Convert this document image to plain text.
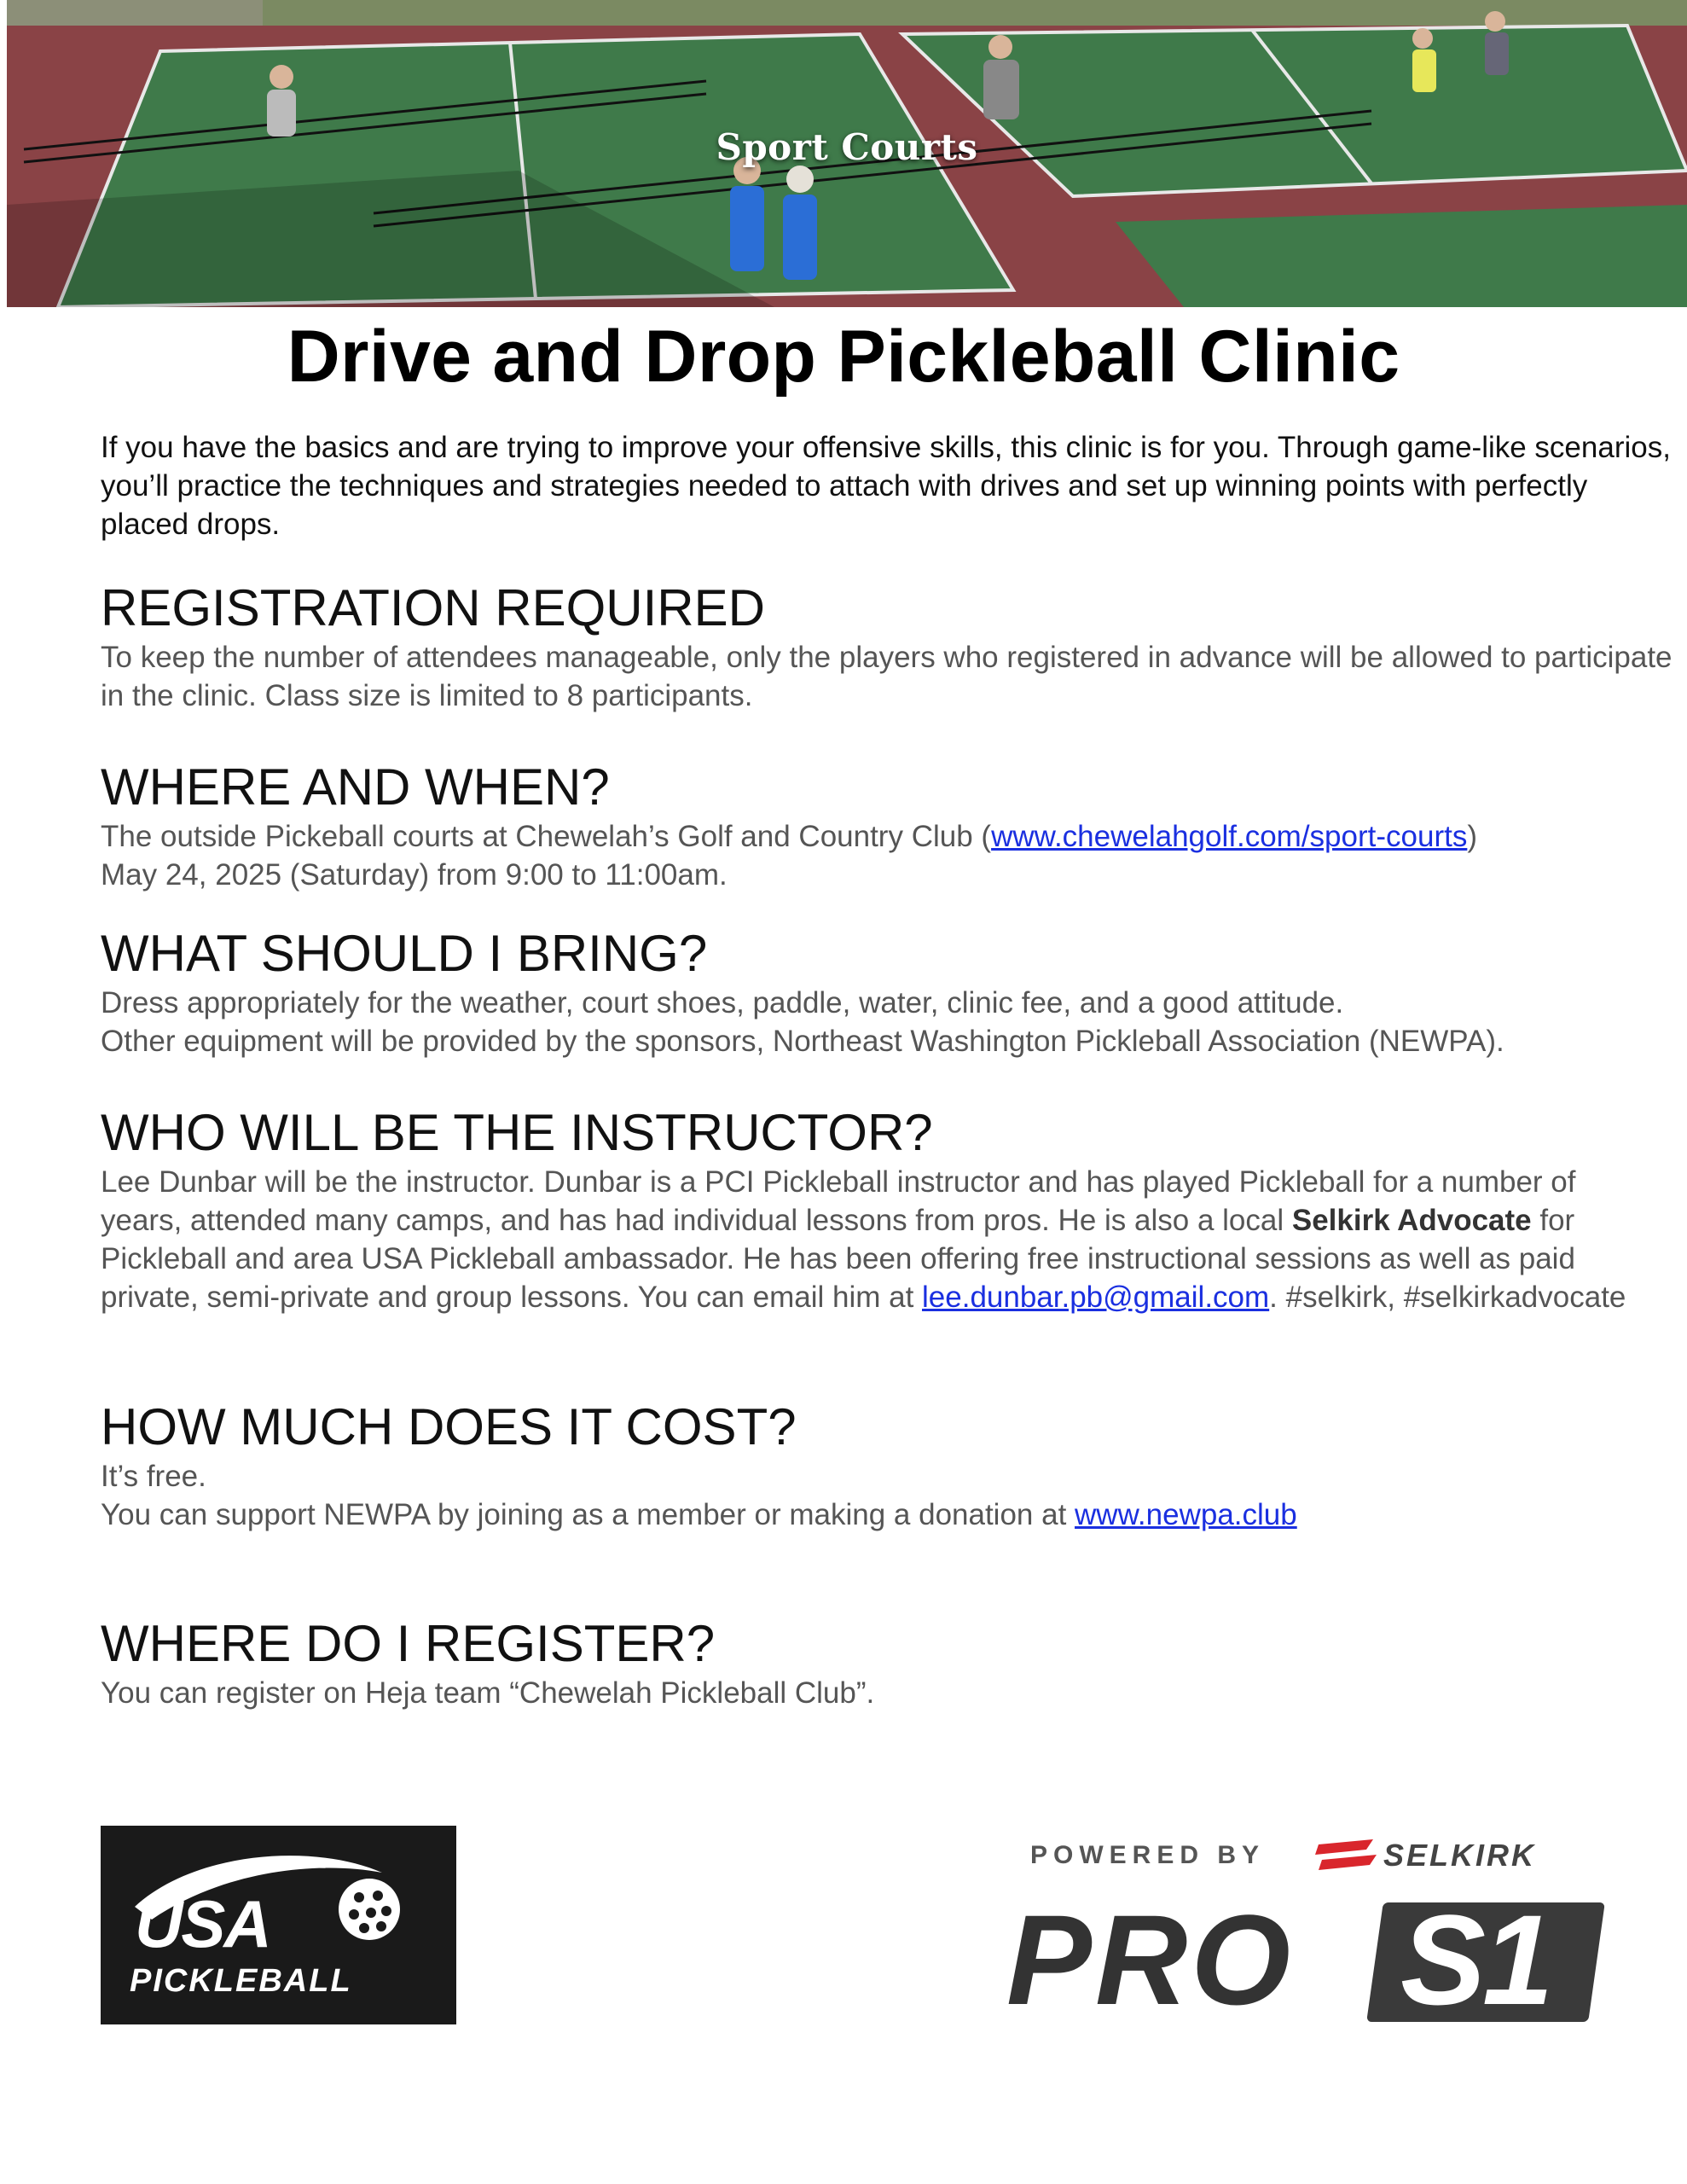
Sport Courts
Drive and Drop Pickleball Clinic
If you have the basics and are trying to improve your offensive skills, this clinic is for you. Through game-like scenarios, you’ll practice the techniques and strategies needed to attach with drives and set up winning points with perfectly placed drops.
REGISTRATION REQUIRED
To keep the number of attendees manageable, only the players who registered in advance will be allowed to participate in the clinic. Class size is limited to 8 participants.
WHERE AND WHEN?
The outside Pickeball courts at Chewelah’s Golf and Country Club (www.chewelahgolf.com/sport-courts)
May 24, 2025 (Saturday) from 9:00 to 11:00am.
WHAT SHOULD I BRING?
Dress appropriately for the weather, court shoes, paddle, water, clinic fee, and a good attitude.
Other equipment will be provided by the sponsors, Northeast Washington Pickleball Association (NEWPA).
WHO WILL BE THE INSTRUCTOR?
Lee Dunbar will be the instructor. Dunbar is a PCI Pickleball instructor and has played Pickleball for a number of years, attended many camps, and has had individual lessons from pros. He is also a local Selkirk Advocate for Pickleball and area USA Pickleball ambassador. He has been offering free instructional sessions as well as paid private, semi-private and group lessons. You can email him at lee.dunbar.pb@gmail.com. #selkirk, #selkirkadvocate
HOW MUCH DOES IT COST?
It’s free.
You can support NEWPA by joining as a member or making a donation at www.newpa.club
WHERE DO I REGISTER?
You can register on Heja team “Chewelah Pickleball Club”.
USA
PICKLEBALL
POWERED BY	SELKIRK
PRO S1
